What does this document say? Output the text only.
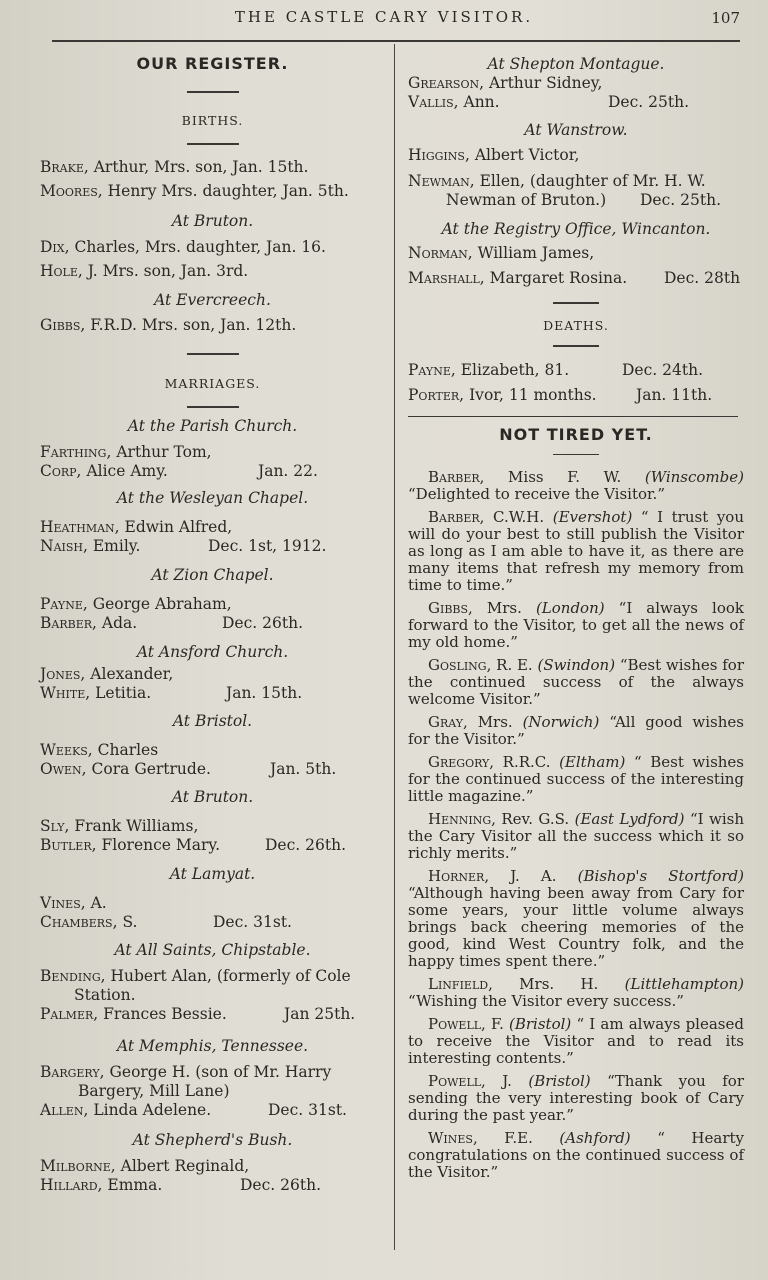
THE CASTLE CARY VISITOR.	107
OUR REGISTER.
BIRTHS.
Brake, Arthur, Mrs. son, Jan. 15th.
Moores, Henry Mrs. daughter, Jan. 5th.
At Bruton.
Dix, Charles, Mrs. daughter, Jan. 16.
Hole, J. Mrs. son, Jan. 3rd.
At Evercreech.
Gibbs, F.R.D. Mrs. son, Jan. 12th.
MARRIAGES.
At the Parish Church.
Farthing, Arthur Tom,
Corp, Alice Amy.	Jan. 22.
At the Wesleyan Chapel.
Heathman, Edwin Alfred,
Naish, Emily.	Dec. 1st, 1912.
At Zion Chapel.
Payne, George Abraham,
Barber, Ada.	Dec. 26th.
At Ansford Church.
Jones, Alexander,
White, Letitia.	Jan. 15th.
At Bristol.
Weeks, Charles
Owen, Cora Gertrude.	Jan. 5th.
At Bruton.
Sly, Frank Williams,
Butler, Florence Mary.	Dec. 26th.
At Lamyat.
Vines, A.
Chambers, S.	Dec. 31st.
At All Saints, Chipstable.
Bending, Hubert Alan, (formerly of Cole
Station.
Palmer, Frances Bessie.	Jan 25th.
At Memphis, Tennessee.
Bargery, George H. (son of Mr. Harry
Bargery, Mill Lane)
Allen, Linda Adelene.	Dec. 31st.
At Shepherd's Bush.
Milborne, Albert Reginald,
Hillard, Emma.	Dec. 26th.
At Shepton Montague.
Grearson, Arthur Sidney,
Vallis, Ann.	Dec. 25th.
At Wanstrow.
Higgins, Albert Victor,
Newman, Ellen, (daughter of Mr. H. W.
Newman of Bruton.) Dec. 25th.
At the Registry Office, Wincanton.
Norman, William James,
Marshall, Margaret Rosina. Dec. 28th
DEATHS.
Payne, Elizabeth, 81.	Dec. 24th.
Porter, Ivor, 11 months.	Jan. 11th.
NOT TIRED YET.
Barber, Miss F. W. (Winscombe) “Delighted to receive the Visitor.”
Barber, C.W.H. (Evershot) “ I trust you will do your best to still publish the Visitor as long as I am able to have it, as there are many items that refresh my memory from time to time.”
Gibbs, Mrs. (London) “I always look forward to the Visitor, to get all the news of my old home.”
Gosling, R. E. (Swindon) “Best wishes for the continued success of the always welcome Visitor.”
Gray, Mrs. (Norwich) “All good wishes for the Visitor.”
Gregory, R.R.C. (Eltham) “ Best wishes for the continued success of the interesting little magazine.”
Henning, Rev. G.S. (East Lydford) “I wish the Cary Visitor all the success which it so richly merits.”
Horner, J. A. (Bishop's Stortford) “Although having been away from Cary for some years, your little volume always brings back cheering memories of the good, kind West Country folk, and the happy times spent there.”
Linfield, Mrs. H. (Littlehampton) “Wishing the Visitor every success.”
Powell, F. (Bristol) “ I am always pleased to receive the Visitor and to read its interesting contents.”
Powell, J. (Bristol) “Thank you for sending the very interesting book of Cary during the past year.”
Wines, F.E. (Ashford) “ Hearty congratulations on the continued success of the Visitor.”
